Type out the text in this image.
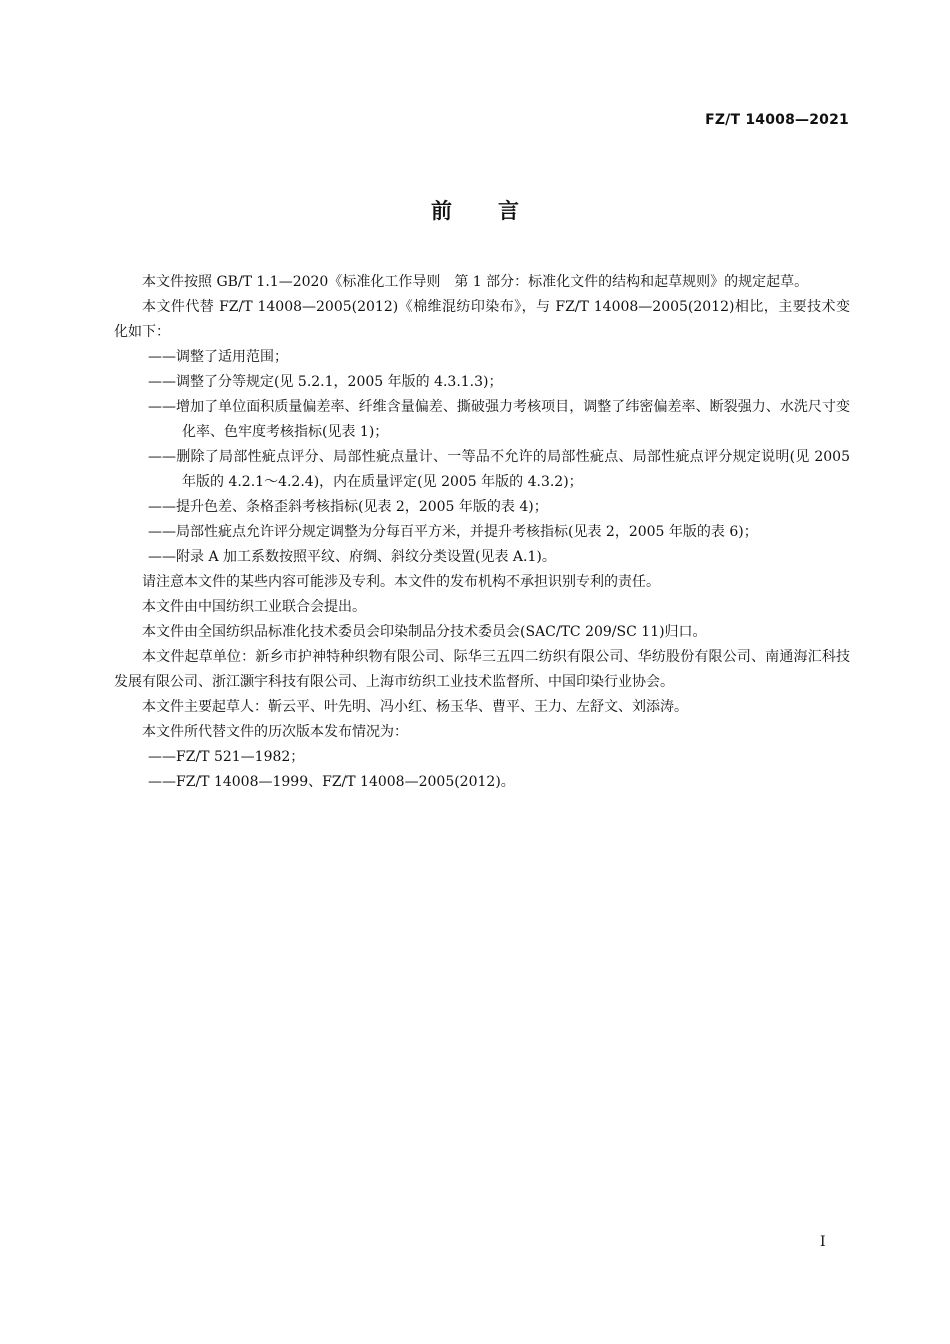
FZ/T 14008—2021
前言

本文件按照 GB/T 1.1—2020《标准化工作导则　第 1 部分：标准化文件的结构和起草规则》的规定起草。

本文件代替 FZ/T 14008—2005(2012)《棉维混纺印染布》，与 FZ/T 14008—2005(2012)相比，主要技术变化如下：

——调整了适用范围；

——调整了分等规定(见 5.2.1，2005 年版的 4.3.1.3)；

——增加了单位面积质量偏差率、纤维含量偏差、撕破强力考核项目，调整了纬密偏差率、断裂强力、水洗尺寸变化率、色牢度考核指标(见表 1)；

——删除了局部性疵点评分、局部性疵点量计、一等品不允许的局部性疵点、局部性疵点评分规定说明(见 2005 年版的 4.2.1～4.2.4)，内在质量评定(见 2005 年版的 4.3.2)；

——提升色差、条格歪斜考核指标(见表 2，2005 年版的表 4)；

——局部性疵点允许评分规定调整为分每百平方米，并提升考核指标(见表 2，2005 年版的表 6)；

——附录 A 加工系数按照平纹、府绸、斜纹分类设置(见表 A.1)。

请注意本文件的某些内容可能涉及专利。本文件的发布机构不承担识别专利的责任。

本文件由中国纺织工业联合会提出。

本文件由全国纺织品标准化技术委员会印染制品分技术委员会(SAC/TC 209/SC 11)归口。

本文件起草单位：新乡市护神特种织物有限公司、际华三五四二纺织有限公司、华纺股份有限公司、南通海汇科技发展有限公司、浙江灏宇科技有限公司、上海市纺织工业技术监督所、中国印染行业协会。

本文件主要起草人：靳云平、叶先明、冯小红、杨玉华、曹平、王力、左舒文、刘添涛。

本文件所代替文件的历次版本发布情况为：

——FZ/T 521—1982；

——FZ/T 14008—1999、FZ/T 14008—2005(2012)。

I
